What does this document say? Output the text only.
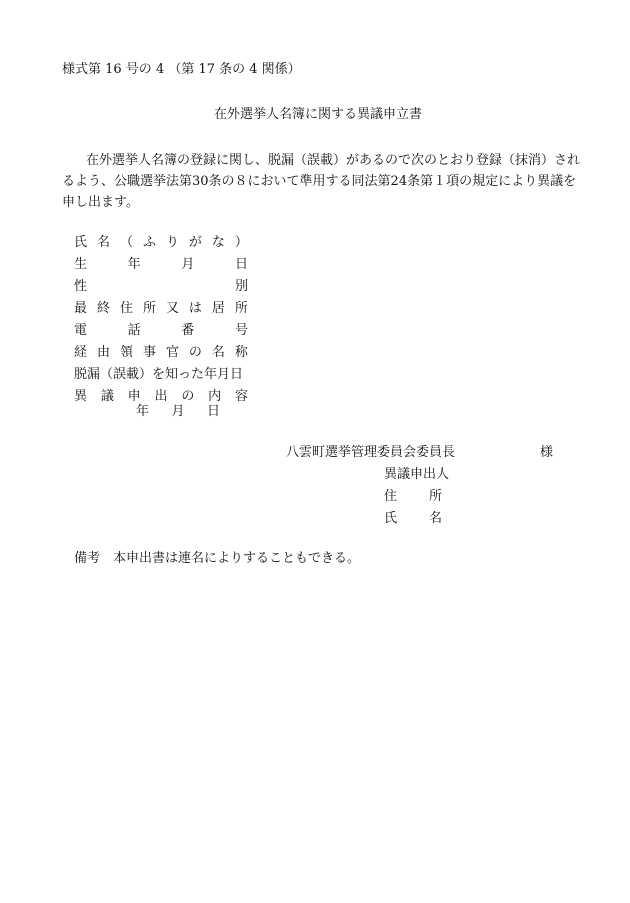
様式第 16 号の 4 （第 17 条の 4 関係）
在外選挙人名簿に関する異議申立書

在外選挙人名簿の登録に関し、脱漏（誤載）があるので次のとおり登録（抹消）されるよう、公職選挙法第30条の８において準用する同法第24条第１項の規定により異議を申し出ます。

氏 名 （ ふ り が な ）
生	年	月	日
性	別
最 終 住 所 又 は 居 所
電	話	番	号
経 由 領 事 官 の 名 称
脱漏（誤載）を知った年月日
異 議 申 出 の 内 容
年 月 日
八雲町選挙管理委員会委員長	様
異議申出人
住 所
氏 名
備考　本申出書は連名によりすることもできる。
